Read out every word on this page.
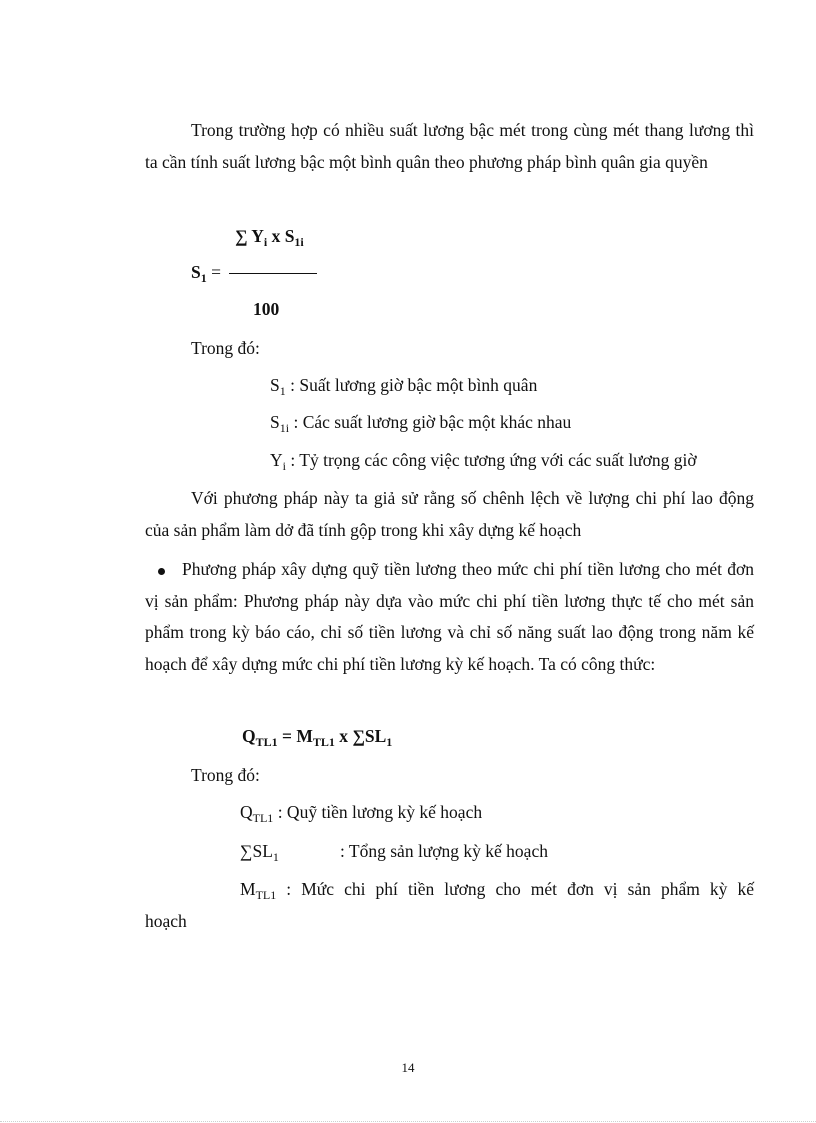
Trong trường hợp có nhiều suất lương bậc mét trong cùng mét thang lương thì ta cần tính suất lương bậc một bình quân theo phương pháp bình quân gia quyền

∑ $Y_i$ x $S_{1i}$
$S_1$ =
100
Trong đó:
$S_1$ : Suất lương giờ bậc một bình quân
$S_{1i}$ : Các suất lương giờ bậc một khác nhau
$Y_i$ : Tỷ trọng các công việc tương ứng với các suất lương giờ

Với phương pháp này ta giả sử rằng số chênh lệch về lượng chi phí lao động của sản phẩm làm dở đã tính gộp trong khi xây dựng kế hoạch

Phương pháp xây dựng quỹ tiền lương theo mức chi phí tiền lương cho mét đơn vị sản phẩm: Phương pháp này dựa vào mức chi phí tiền lương thực tế cho mét sản phẩm trong kỳ báo cáo, chỉ số tiền lương và chỉ số năng suất lao động trong năm kế hoạch để xây dựng mức chi phí tiền lương kỳ kế hoạch. Ta có công thức:

$Q_{TL1} = M_{TL1}$ x $\sum SL_1$
Trong đó:
$Q_{TL1}$ : Quỹ tiền lương kỳ kế hoạch
$\sum SL_1$	: Tổng sản lượng kỳ kế hoạch
$M_{TL1}$ : Mức chi phí tiền lương cho mét đơn vị sản phẩm kỳ kế
hoạch
14
